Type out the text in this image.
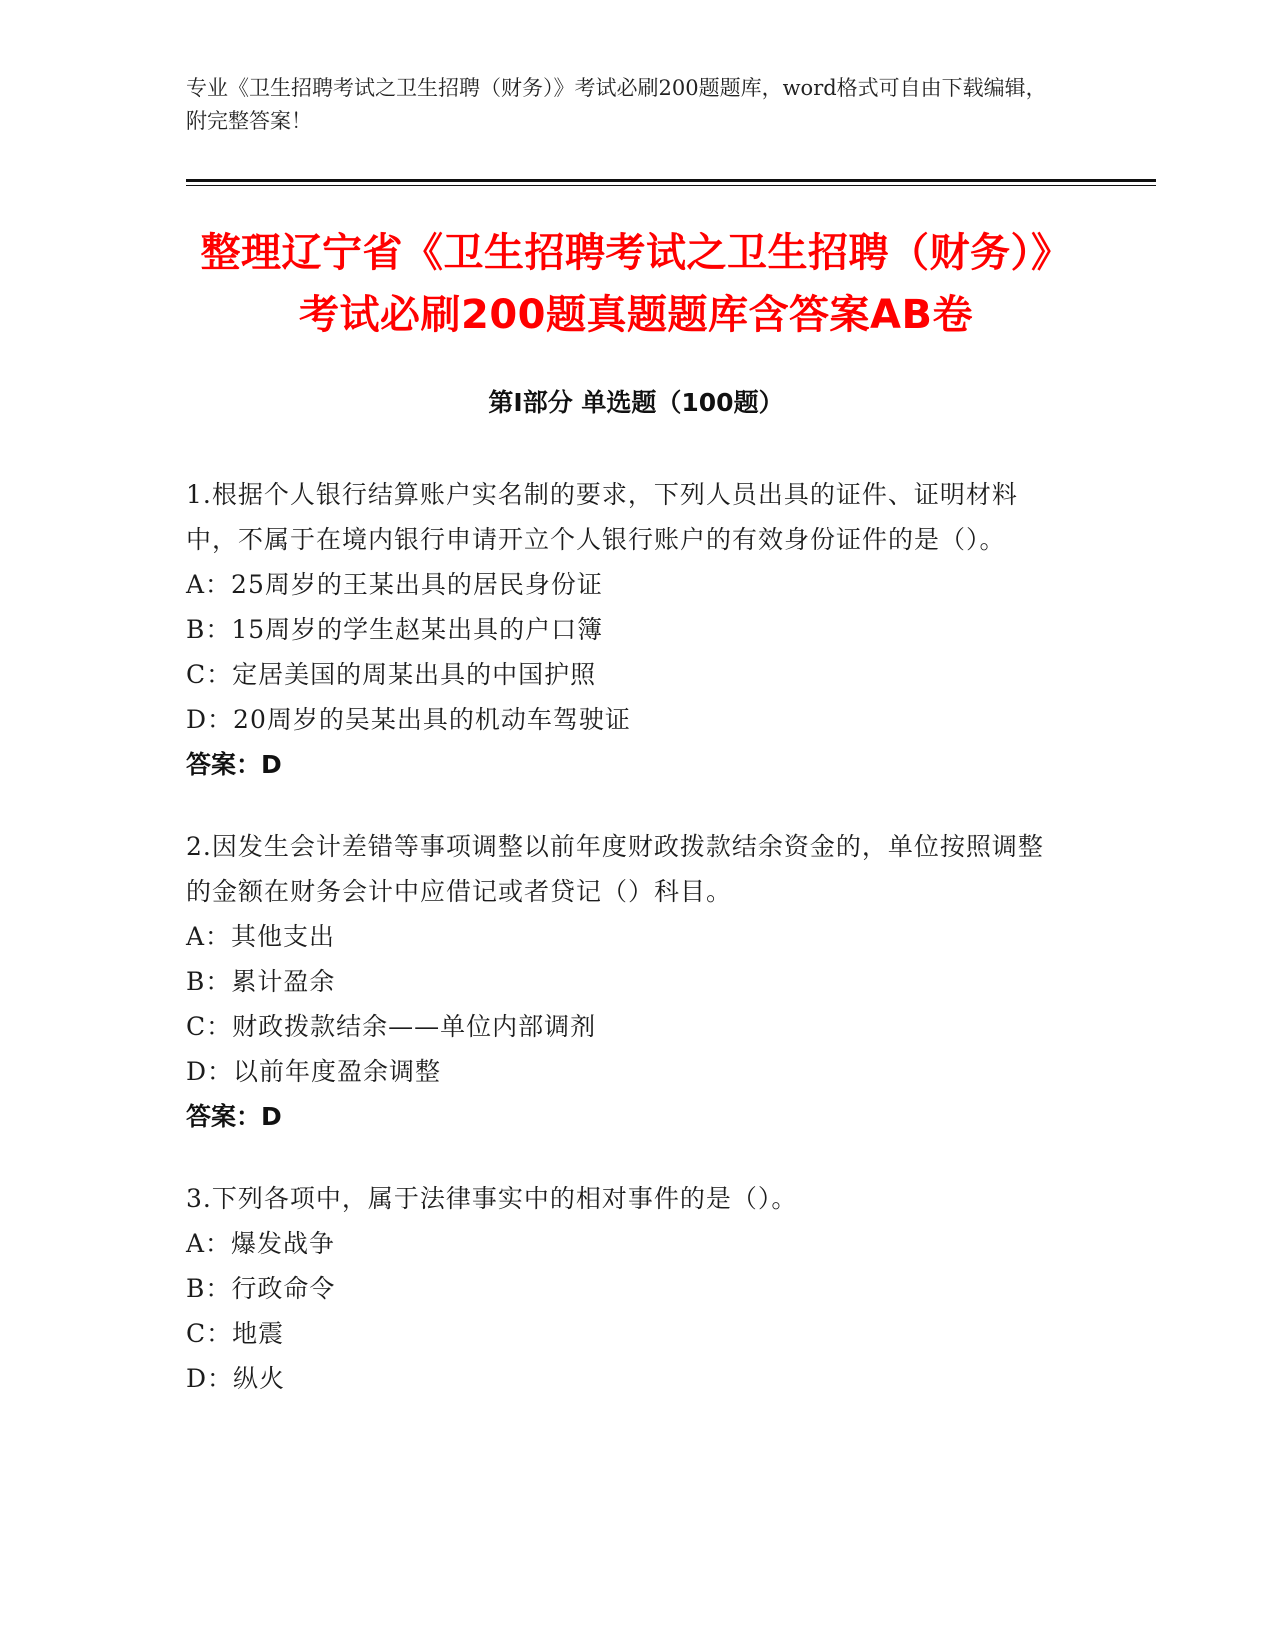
专业《卫生招聘考试之卫生招聘（财务）》考试必刷200题题库，word格式可自由下载编辑，附完整答案！
整理辽宁省《卫生招聘考试之卫生招聘（财务）》考试必刷200题真题题库含答案AB卷
第Ⅰ部分 单选题（100题）
1.根据个人银行结算账户实名制的要求，下列人员出具的证件、证明材料中，不属于在境内银行申请开立个人银行账户的有效身份证件的是（）。
A：25周岁的王某出具的居民身份证
B：15周岁的学生赵某出具的户口簿
C：定居美国的周某出具的中国护照
D：20周岁的吴某出具的机动车驾驶证
答案：D
2.因发生会计差错等事项调整以前年度财政拨款结余资金的，单位按照调整的金额在财务会计中应借记或者贷记（）科目。
A：其他支出
B：累计盈余
C：财政拨款结余——单位内部调剂
D：以前年度盈余调整
答案：D
3.下列各项中，属于法律事实中的相对事件的是（）。
A：爆发战争
B：行政命令
C：地震
D：纵火
